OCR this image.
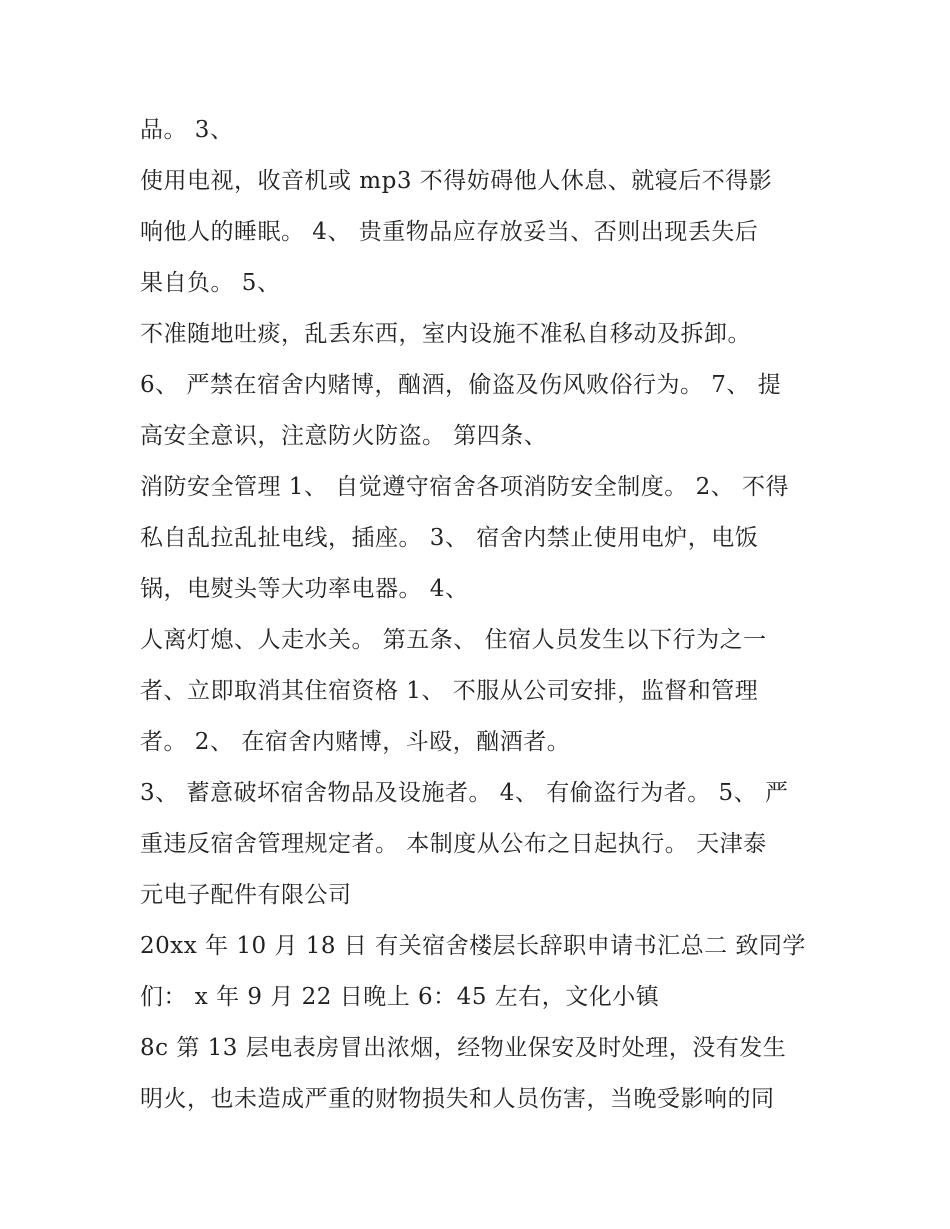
品。 3、
使用电视，收音机或 mp3 不得妨碍他人休息、就寝后不得影
响他人的睡眠。 4、 贵重物品应存放妥当、否则出现丢失后
果自负。 5、
不准随地吐痰，乱丢东西，室内设施不准私自移动及拆卸。
6、 严禁在宿舍内赌博，酗酒，偷盗及伤风败俗行为。 7、 提
高安全意识，注意防火防盗。 第四条、
消防安全管理 1、 自觉遵守宿舍各项消防安全制度。 2、 不得
私自乱拉乱扯电线，插座。 3、 宿舍内禁止使用电炉，电饭
锅，电熨头等大功率电器。 4、
人离灯熄、人走水关。 第五条、 住宿人员发生以下行为之一
者、立即取消其住宿资格 1、 不服从公司安排，监督和管理
者。 2、 在宿舍内赌博，斗殴，酗酒者。
3、 蓄意破坏宿舍物品及设施者。 4、 有偷盗行为者。 5、 严
重违反宿舍管理规定者。 本制度从公布之日起执行。 天津泰
元电子配件有限公司
20xx 年 10 月 18 日 有关宿舍楼层长辞职申请书汇总二 致同学
们： x 年 9 月 22 日晚上 6：45 左右，文化小镇
8c 第 13 层电表房冒出浓烟，经物业保安及时处理，没有发生
明火，也未造成严重的财物损失和人员伤害，当晚受影响的同
